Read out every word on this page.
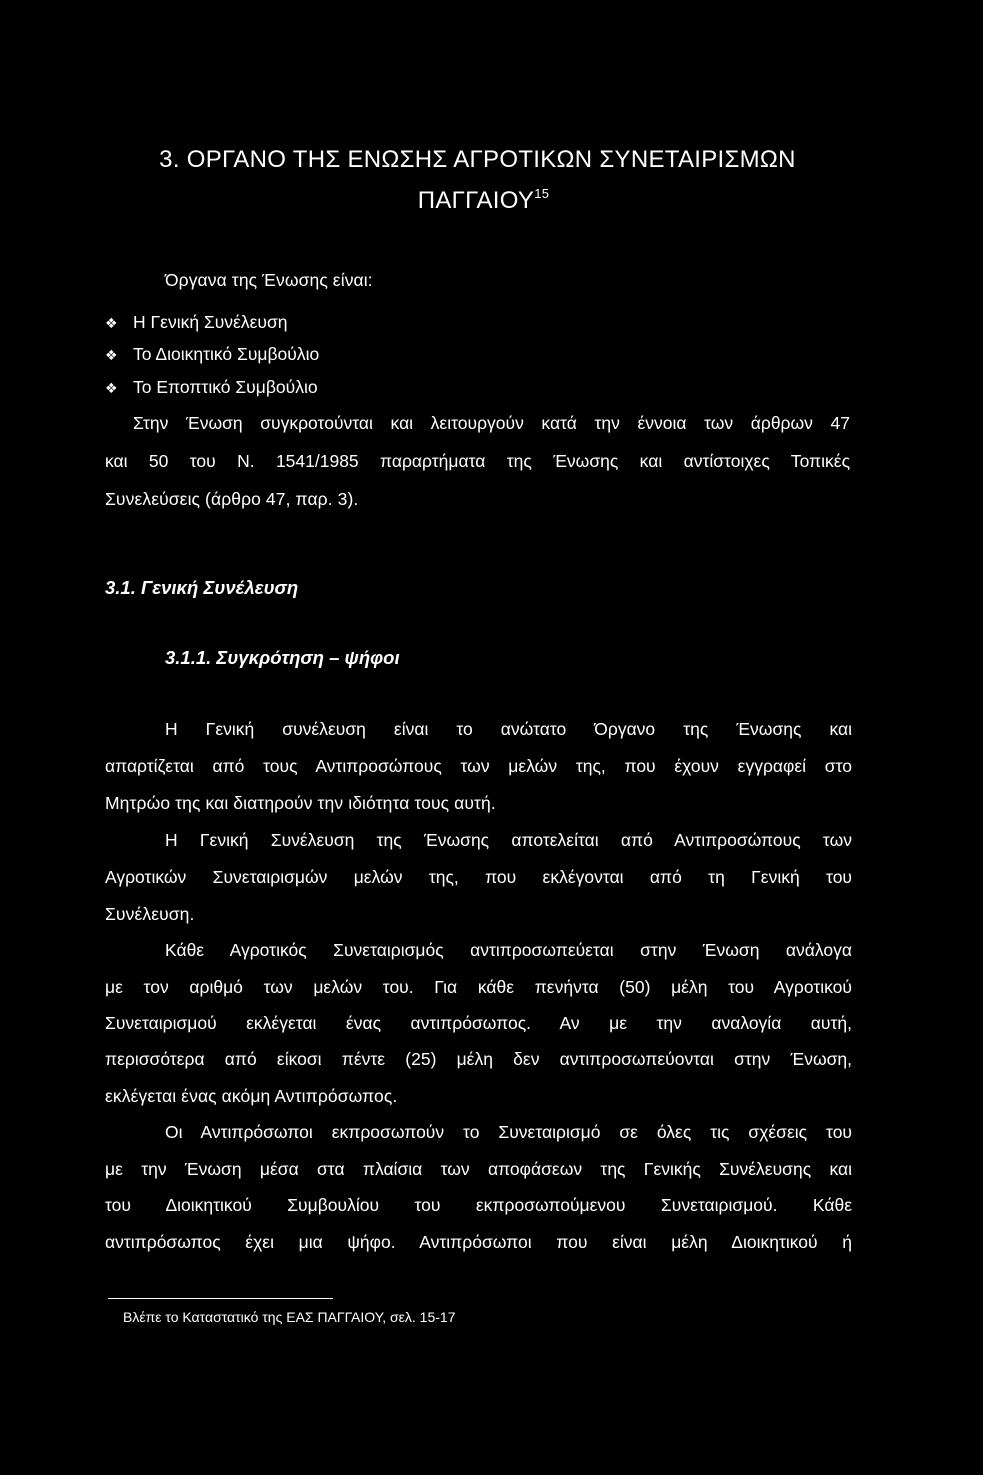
3. ΟΡΓΑΝΟ ΤΗΣ ΕΝΩΣΗΣ ΑΓΡΟΤΙΚΩΝ ΣΥΝΕΤΑΙΡΙΣΜΩΝ
ΠΑΓΓΑΙΟΥ$^{15}$
Όργανα της Ένωσης είναι:
❖ Η Γενική Συνέλευση
❖ Το Διοικητικό Συμβούλιο
❖ Το Εποπτικό Συμβούλιο
Στην Ένωση συγκροτούνται και λειτουργούν κατά την έννοια των άρθρων 47
και 50 του Ν. 1541/1985 παραρτήματα της Ένωσης και αντίστοιχες Τοπικές
Συνελεύσεις (άρθρο 47, παρ. 3).
3.1. Γενική Συνέλευση
3.1.1. Συγκρότηση – ψήφοι
Η Γενική συνέλευση είναι το ανώτατο Όργανο της Ένωσης και
απαρτίζεται από τους Αντιπροσώπους των μελών της, που έχουν εγγραφεί στο
Μητρώο της και διατηρούν την ιδιότητα τους αυτή.
Η Γενική Συνέλευση της Ένωσης αποτελείται από Αντιπροσώπους των
Αγροτικών Συνεταιρισμών μελών της, που εκλέγονται από τη Γενική του
Συνέλευση.
Κάθε Αγροτικός Συνεταιρισμός αντιπροσωπεύεται στην Ένωση ανάλογα
με τον αριθμό των μελών του. Για κάθε πενήντα (50) μέλη του Αγροτικού
Συνεταιρισμού εκλέγεται ένας αντιπρόσωπος. Αν με την αναλογία αυτή,
περισσότερα από είκοσι πέντε (25) μέλη δεν αντιπροσωπεύονται στην Ένωση,
εκλέγεται ένας ακόμη Αντιπρόσωπος.
Οι Αντιπρόσωποι εκπροσωπούν το Συνεταιρισμό σε όλες τις σχέσεις του
με την Ένωση μέσα στα πλαίσια των αποφάσεων της Γενικής Συνέλευσης και
του Διοικητικού Συμβουλίου του εκπροσωπούμενου Συνεταιρισμού. Κάθε
αντιπρόσωπος έχει μια ψήφο. Αντιπρόσωποι που είναι μέλη Διοικητικού ή
Βλέπε το Καταστατικό της ΕΑΣ ΠΑΓΓΑΙΟΥ, σελ. 15-17
